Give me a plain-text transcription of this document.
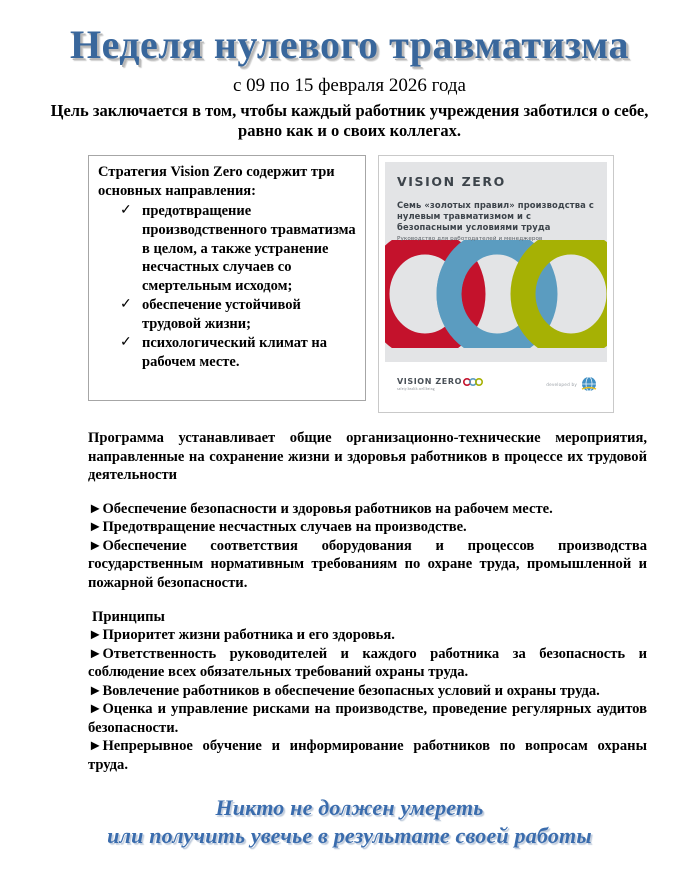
Неделя нулевого травматизма
с 09 по 15 февраля 2026 года
Цель заключается в том, чтобы каждый работник учреждения заботился о себе, равно как и о своих коллегах.
Стратегия Vision Zero содержит три основных направления:
✓ предотвращение производственного травматизма в целом, а также устранение несчастных случаев со смертельным исходом;
✓ обеспечение устойчивой трудовой жизни;
✓ психологический климат на рабочем месте.
VISION ZERO
Семь «золотых правил» производства с нулевым травматизмом и с безопасными условиями труда
Руководство для работодателей и менеджеров
VISION ZERO
safety.health.wellbeing
developed by

Программа устанавливает общие организационно-технические мероприятия, направленные на сохранение жизни и здоровья работников в процессе их трудовой деятельности

►Обеспечение безопасности и здоровья работников на рабочем месте.

►Предотвращение несчастных случаев на производстве.

►Обеспечение соответствия оборудования и процессов производства государственным нормативным требованиям по охране труда, промышленной и пожарной безопасности.

Принципы

►Приоритет жизни работника и его здоровья.

►Ответственность руководителей и каждого работника за безопасность и соблюдение всех обязательных требований охраны труда.

►Вовлечение работников в обеспечение безопасных условий и охраны труда.

►Оценка и управление рисками на производстве, проведение регулярных аудитов безопасности.

►Непрерывное обучение и информирование работников по вопросам охраны труда.

Никто не должен умереть
или получить увечье в результате своей работы
